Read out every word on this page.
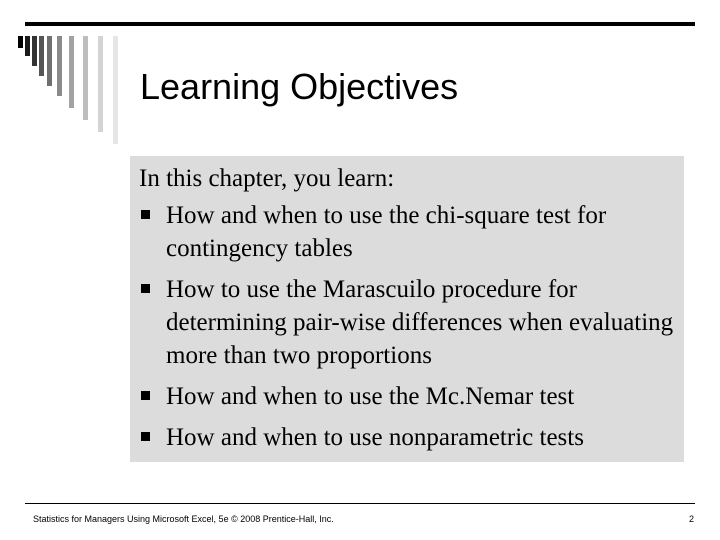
Learning Objectives

In this chapter, you learn:

How and when to use the chi-square test for contingency tables
How to use the Marascuilo procedure for determining pair-wise differences when evaluating more than two proportions
How and when to use the Mc.Nemar test
How and when to use nonparametric tests
Statistics for Managers Using Microsoft Excel, 5e © 2008 Prentice-Hall, Inc.	2
